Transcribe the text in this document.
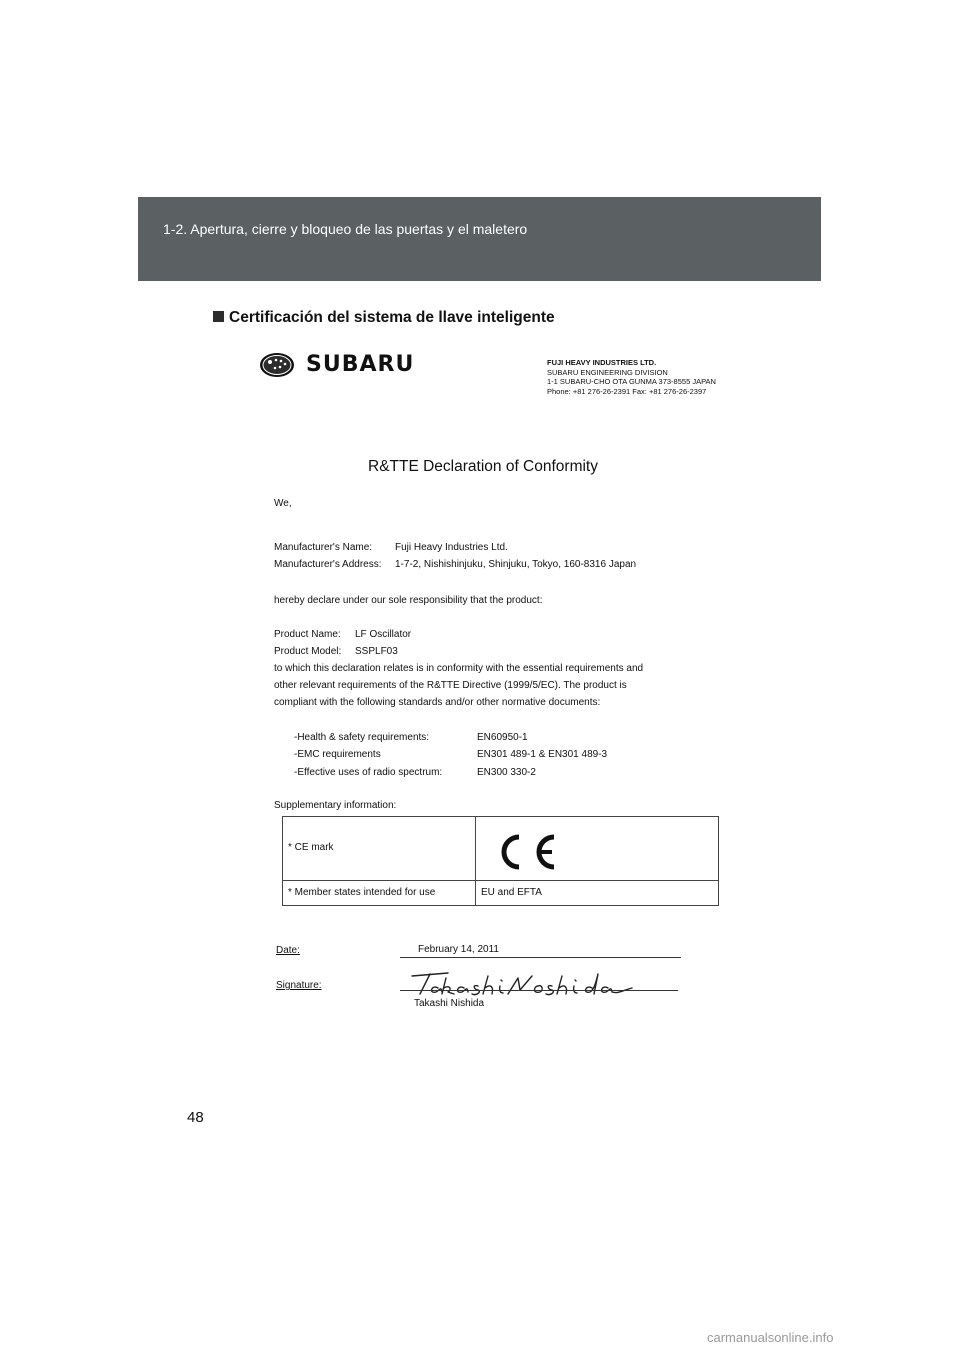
1-2. Apertura, cierre y bloqueo de las puertas y el maletero
Certificación del sistema de llave inteligente
SUBARU	FUJI HEAVY INDUSTRIES LTD.
SUBARU ENGINEERING DIVISION
1-1 SUBARU-CHO OTA GUNMA 373-8555 JAPAN
Phone: +81 276-26-2391 Fax: +81 276-26-2397
R&TTE Declaration of Conformity
We,
Manufacturer's Name: Fuji Heavy Industries Ltd.
Manufacturer's Address: 1-7-2, Nishishinjuku, Shinjuku, Tokyo, 160-8316 Japan
hereby declare under our sole responsibility that the product:
Product Name: LF Oscillator
Product Model: SSPLF03
to which this declaration relates is in conformity with the essential requirements and
other relevant requirements of the R&TTE Directive (1999/5/EC). The product is
compliant with the following standards and/or other normative documents:
-Health & safety requirements:	EN60950-1
-EMC requirements	EN301 489-1 & EN301 489-3
-Effective uses of radio spectrum:	EN300 330-2
Supplementary information:
* CE mark
* Member states intended for use	EU and EFTA
Date:	February 14, 2011
Signature:
Takashi Nishida
48
carmanualsonline.info
